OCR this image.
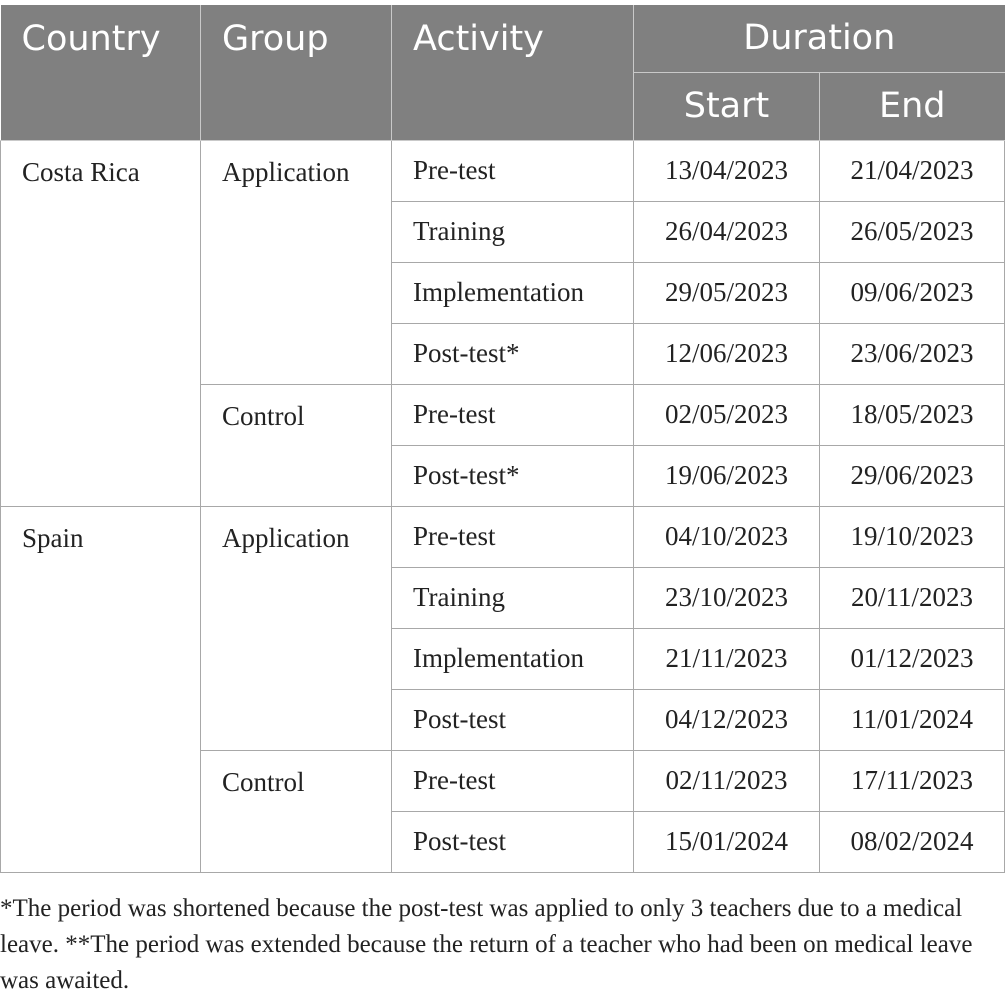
Country	Group	Activity	Duration	
			Start	End
Costa Rica	Application	Pre-test	13/04/2023	21/04/2023
		Training	26/04/2023	26/05/2023
		Implementation	29/05/2023	09/06/2023
		Post-test*	12/06/2023	23/06/2023
	Control	Pre-test	02/05/2023	18/05/2023
		Post-test*	19/06/2023	29/06/2023
Spain	Application	Pre-test	04/10/2023	19/10/2023
		Training	23/10/2023	20/11/2023
		Implementation	21/11/2023	01/12/2023
		Post-test	04/12/2023	11/01/2024
	Control	Pre-test	02/11/2023	17/11/2023
		Post-test	15/01/2024	08/02/2024
*The period was shortened because the post-test was applied to only 3 teachers due to a medical leave. **The period was extended because the return of a teacher who had been on medical leave was awaited.
